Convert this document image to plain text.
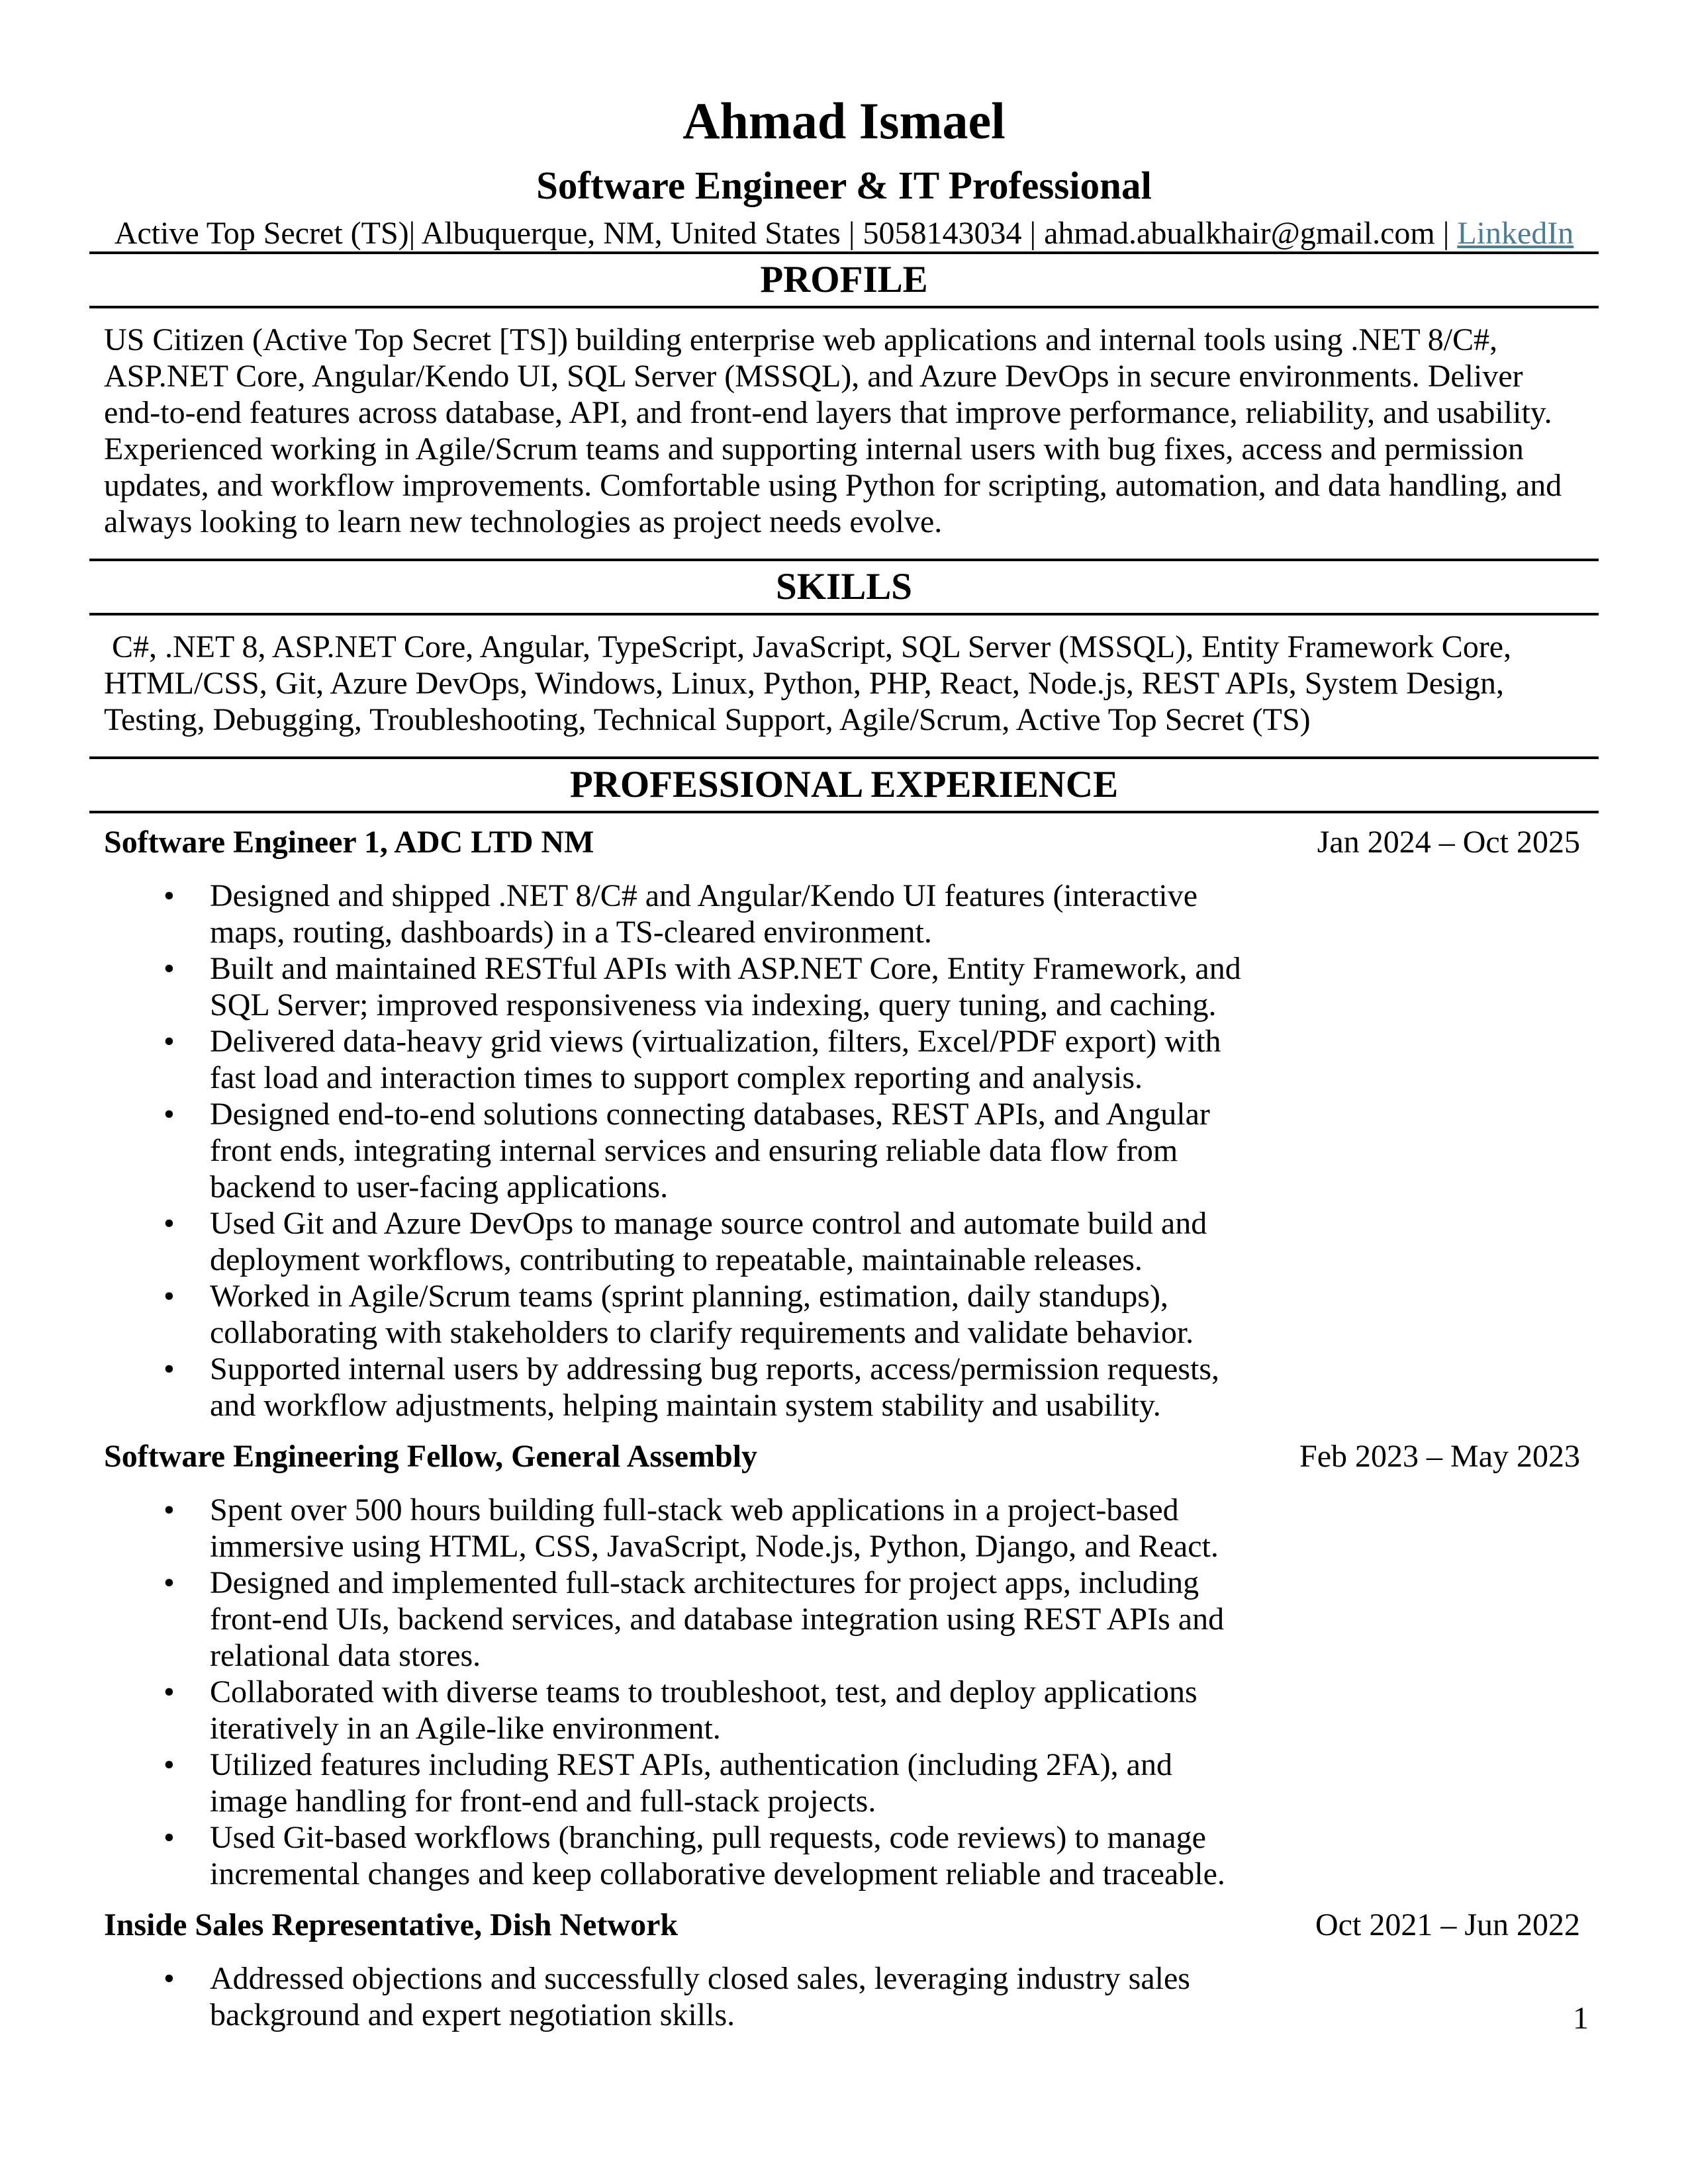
Ahmad Ismael
Software Engineer & IT Professional
Active Top Secret (TS)| Albuquerque, NM, United States | 5058143034 | ahmad.abualkhair@gmail.com | LinkedIn
PROFILE
US Citizen (Active Top Secret [TS]) building enterprise web applications and internal tools using .NET 8/C#, ASP.NET Core, Angular/Kendo UI, SQL Server (MSSQL), and Azure DevOps in secure environments. Deliver end-to-end features across database, API, and front-end layers that improve performance, reliability, and usability. Experienced working in Agile/Scrum teams and supporting internal users with bug fixes, access and permission updates, and workflow improvements. Comfortable using Python for scripting, automation, and data handling, and always looking to learn new technologies as project needs evolve.
SKILLS
C#, .NET 8, ASP.NET Core, Angular, TypeScript, JavaScript, SQL Server (MSSQL), Entity Framework Core, HTML/CSS, Git, Azure DevOps, Windows, Linux, Python, PHP, React, Node.js, REST APIs, System Design, Testing, Debugging, Troubleshooting, Technical Support, Agile/Scrum, Active Top Secret (TS)
PROFESSIONAL EXPERIENCE
Software Engineer 1, ADC LTD NM	Jan 2024 – Oct 2025
• Designed and shipped .NET 8/C# and Angular/Kendo UI features (interactive maps, routing, dashboards) in a TS-cleared environment.
• Built and maintained RESTful APIs with ASP.NET Core, Entity Framework, and SQL Server; improved responsiveness via indexing, query tuning, and caching.
• Delivered data-heavy grid views (virtualization, filters, Excel/PDF export) with fast load and interaction times to support complex reporting and analysis.
• Designed end-to-end solutions connecting databases, REST APIs, and Angular front ends, integrating internal services and ensuring reliable data flow from backend to user-facing applications.
• Used Git and Azure DevOps to manage source control and automate build and deployment workflows, contributing to repeatable, maintainable releases.
• Worked in Agile/Scrum teams (sprint planning, estimation, daily standups), collaborating with stakeholders to clarify requirements and validate behavior.
• Supported internal users by addressing bug reports, access/permission requests, and workflow adjustments, helping maintain system stability and usability.
Software Engineering Fellow, General Assembly	Feb 2023 – May 2023
• Spent over 500 hours building full-stack web applications in a project-based immersive using HTML, CSS, JavaScript, Node.js, Python, Django, and React.
• Designed and implemented full-stack architectures for project apps, including front-end UIs, backend services, and database integration using REST APIs and relational data stores.
• Collaborated with diverse teams to troubleshoot, test, and deploy applications iteratively in an Agile-like environment.
• Utilized features including REST APIs, authentication (including 2FA), and image handling for front-end and full-stack projects.
• Used Git-based workflows (branching, pull requests, code reviews) to manage incremental changes and keep collaborative development reliable and traceable.
Inside Sales Representative, Dish Network	Oct 2021 – Jun 2022
• Addressed objections and successfully closed sales, leveraging industry sales background and expert negotiation skills.	1
